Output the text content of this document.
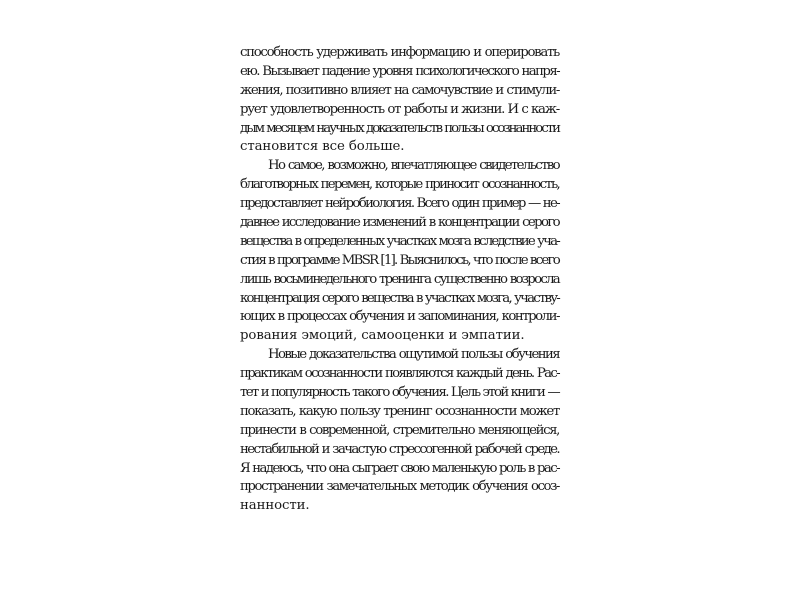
способность удерживать информацию и оперировать
ею. Вызывает падение уровня психологического напря-
жения, позитивно влияет на самочувствие и стимули-
рует удовлетворенность от работы и жизни. И с каж-
дым месяцем научных доказательств пользы осознанности
становится все больше.
Но самое, возможно, впечатляющее свидетельство
благотворных перемен, которые приносит осознанность,
предоставляет нейробиология. Всего один пример — не-
давнее исследование изменений в концентрации серого
вещества в определенных участках мозга вследствие уча-
стия в программе MBSR [1]. Выяснилось, что после всего
лишь восьминедельного тренинга существенно возросла
концентрация серого вещества в участках мозга, участву-
ющих в процессах обучения и запоминания, контроли-
рования эмоций, самооценки и эмпатии.
Новые доказательства ощутимой пользы обучения
практикам осознанности появляются каждый день. Рас-
тет и популярность такого обучения. Цель этой книги —
показать, какую пользу тренинг осознанности может
принести в современной, стремительно меняющейся,
нестабильной и зачастую стрессогенной рабочей среде.
Я надеюсь, что она сыграет свою маленькую роль в рас-
пространении замечательных методик обучения осоз-
нанности.
